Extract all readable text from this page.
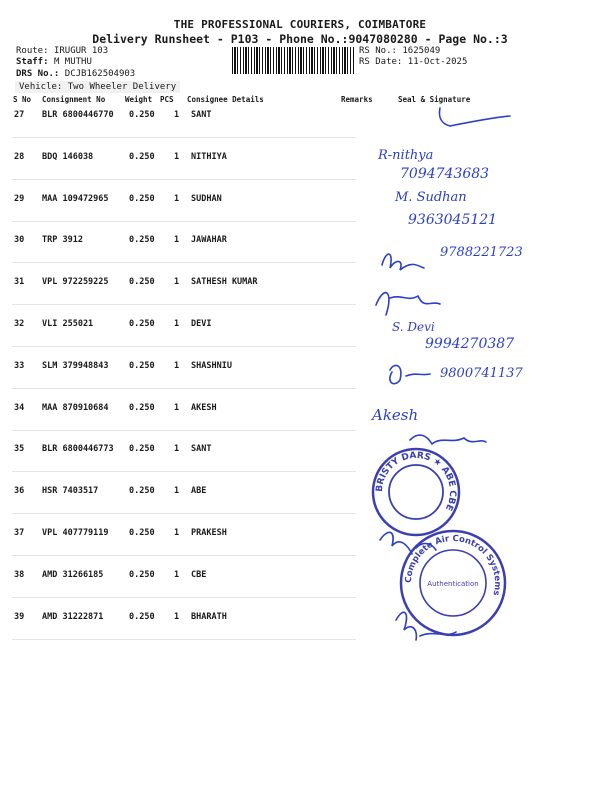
THE PROFESSIONAL COURIERS, COIMBATORE
Delivery Runsheet - P103 - Phone No.:9047080280 - Page No.:3
Route: IRUGUR 103
Staff: M MUTHU
DRS No.: DCJB162504903
RS No.: 1625049
RS Date: 11-Oct-2025
Vehicle: Two Wheeler Delivery
S No Consignment No	Weight PCS Consignee Details	Remarks	Seal & Signature
27 BLR 6800446770 0.250 1 SANT
28 BDQ 146038	0.250 1 NITHIYA
29 MAA 109472965 0.250 1 SUDHAN
30 TRP 3912	0.250 1 JAWAHAR
31 VPL 972259225 0.250 1 SATHESH KUMAR
32 VLI 255021	0.250 1 DEVI
33 SLM 379948843 0.250 1 SHASHNIU
34 MAA 870910684 0.250 1 AKESH
35 BLR 6800446773 0.250 1 SANT
36 HSR 7403517	0.250 1 ABE
37 VPL 407779119 0.250 1 PRAKESH
38 AMD 31266185	0.250 1 CBE
39 AMD 31222871	0.250 1 BHARATH
R-nithya
7094743683
M. Sudhan
9363045121
9788221723
S. Devi
9994270387
9800741137
Akesh
BRISTY DARS ★ ABE CBE
Complete Air Control Systems
Authentication
